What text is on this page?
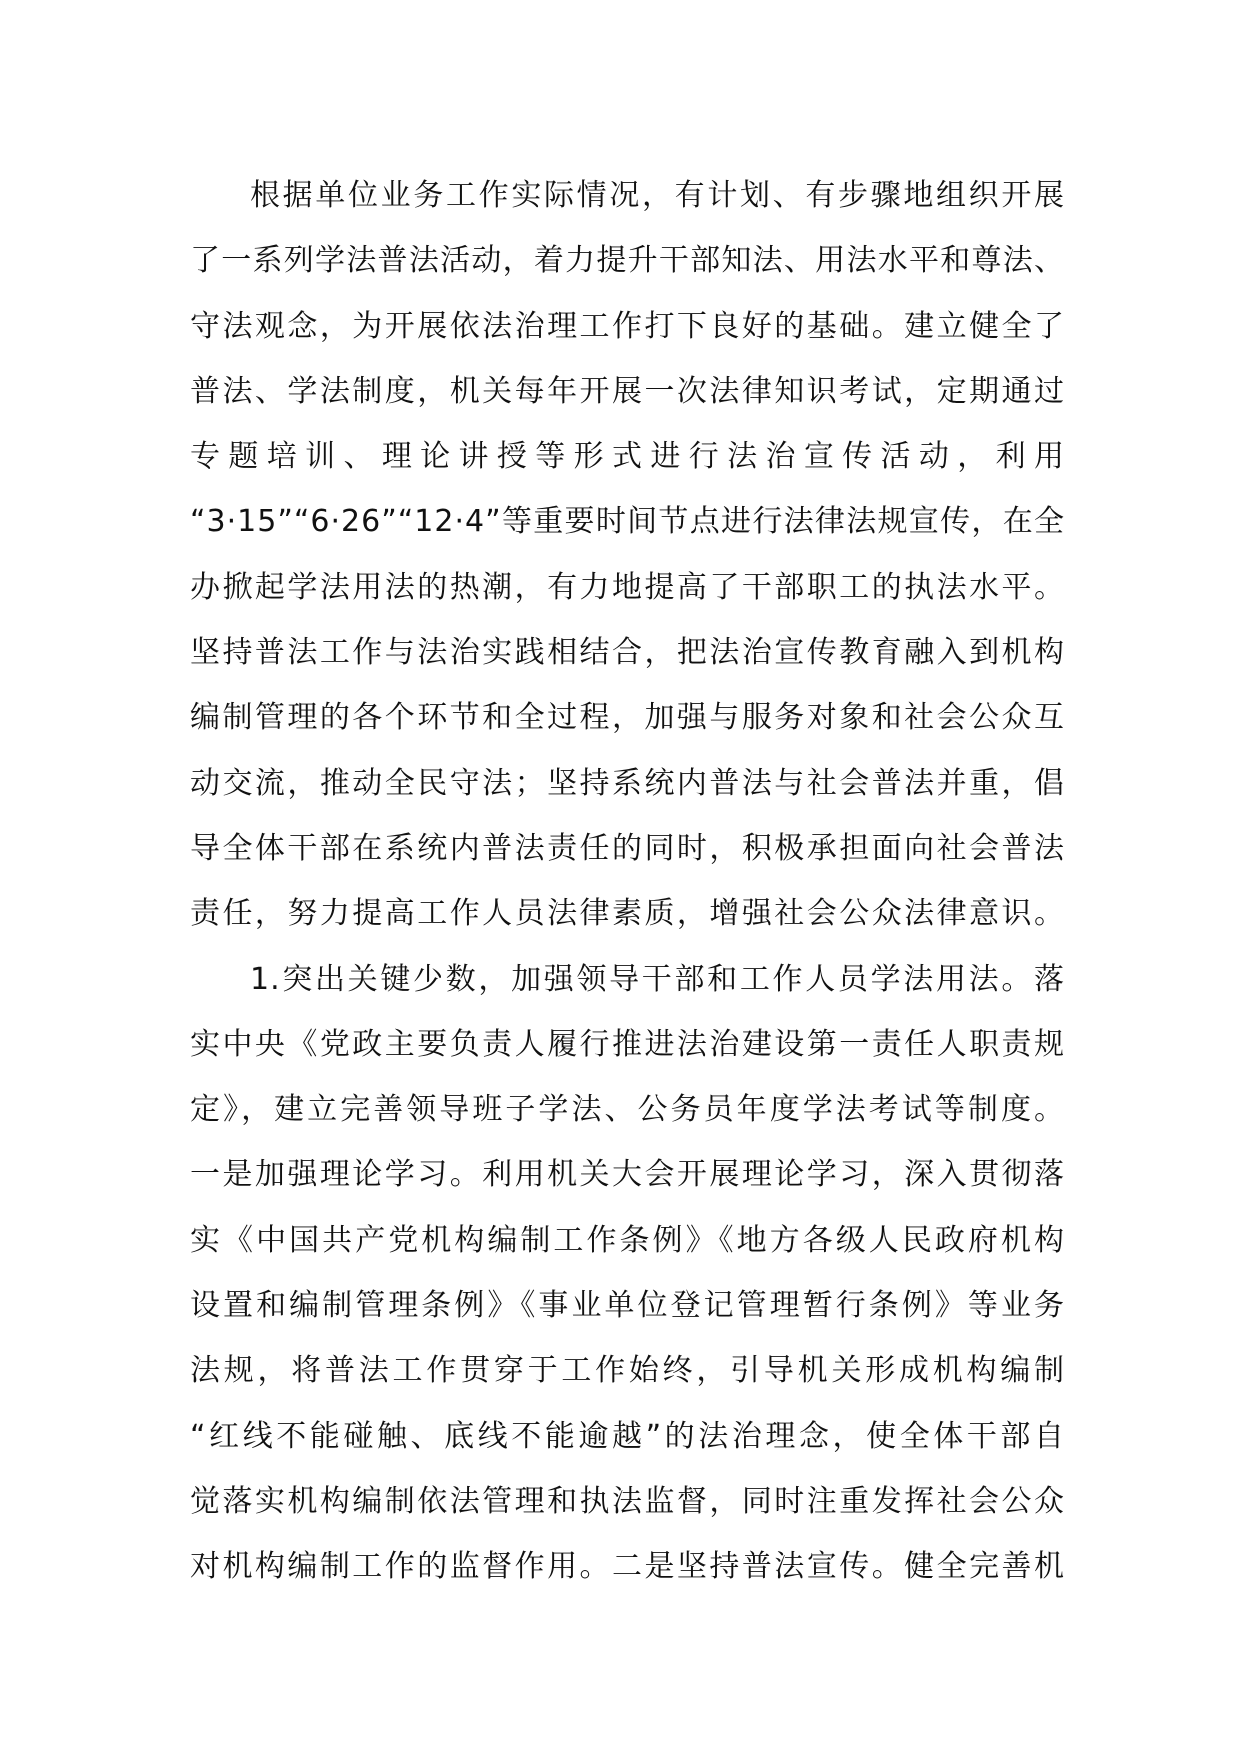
根据单位业务工作实际情况，有计划、有步骤地组织开展
了一系列学法普法活动，着力提升干部知法、用法水平和尊法、
守法观念，为开展依法治理工作打下良好的基础。建立健全了
普法、学法制度，机关每年开展一次法律知识考试，定期通过
专题培训、理论讲授等形式进行法治宣传活动，利用
“3·15”“6·26”“12·4”等重要时间节点进行法律法规宣传，在全
办掀起学法用法的热潮，有力地提高了干部职工的执法水平。
坚持普法工作与法治实践相结合，把法治宣传教育融入到机构
编制管理的各个环节和全过程，加强与服务对象和社会公众互
动交流，推动全民守法；坚持系统内普法与社会普法并重，倡
导全体干部在系统内普法责任的同时，积极承担面向社会普法
责任，努力提高工作人员法律素质，增强社会公众法律意识。
1.突出关键少数，加强领导干部和工作人员学法用法。落
实中央《党政主要负责人履行推进法治建设第一责任人职责规
定》，建立完善领导班子学法、公务员年度学法考试等制度。
一是加强理论学习。利用机关大会开展理论学习，深入贯彻落
实《中国共产党机构编制工作条例》《地方各级人民政府机构
设置和编制管理条例》《事业单位登记管理暂行条例》等业务
法规，将普法工作贯穿于工作始终，引导机关形成机构编制
“红线不能碰触、底线不能逾越”的法治理念，使全体干部自
觉落实机构编制依法管理和执法监督，同时注重发挥社会公众
对机构编制工作的监督作用。二是坚持普法宣传。健全完善机
